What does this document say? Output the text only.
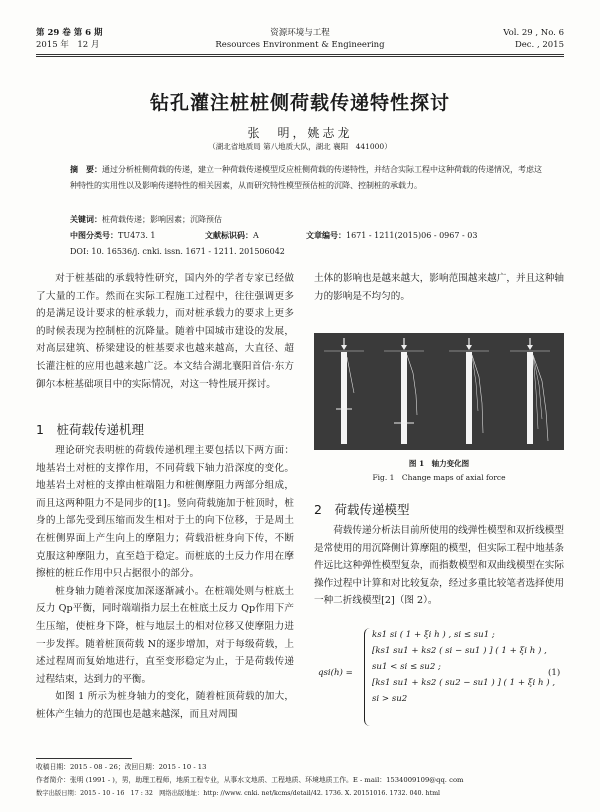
第 29 卷 第 6 期
2015 年　12 月
资源环境与工程
Resources Environment & Engineering
Vol. 29 , No. 6
Dec. , 2015
钻孔灌注桩桩侧荷载传递特性探讨
张　明，姚志龙
（湖北省地质局 第八地质大队，湖北 襄阳　441000）
摘　要：通过分析桩侧荷载的传递，建立一种荷载传递模型反应桩侧荷载的传递特性，并结合实际工程中这种荷载的传递情况，考虑这种特性的实用性以及影响传递特性的相关因素，从而研究特性模型预估桩的沉降、控制桩的承载力。
关键词：桩荷载传递；影响因素；沉降预估
中图分类号：TU473. 1	文献标识码：A	文章编号：1671 - 1211(2015)06 - 0967 - 03
DOI: 10. 16536/j. cnki. issn. 1671 - 1211. 201506042

对于桩基础的承载特性研究，国内外的学者专家已经做了大量的工作。然而在实际工程施工过程中，往往强调更多的是满足设计要求的桩承载力，而对桩承载力的要求上更多的时候表现为控制桩的沉降量。随着中国城市建设的发展，对高层建筑、桥梁建设的桩基要求也越来越高，大直径、超长灌注桩的应用也越来越广泛。本文结合湖北襄阳首信·东方御尔本桩基础项目中的实际情况，对这一特性展开探讨。

1　桩荷载传递机理

理论研究表明桩的荷载传递机理主要包括以下两方面：地基岩土对桩的支撑作用，不同荷载下轴力沿深度的变化。地基岩土对桩的支撑由桩端阻力和桩侧摩阻力两部分组成，而且这两种阻力不是同步的[1]。竖向荷载施加于桩顶时，桩身的上部先受到压缩而发生相对于土的向下位移，于是周土在桩侧界面上产生向上的摩阻力；荷载沿桩身向下传，不断克服这种摩阻力，直至趋于稳定。而桩底的土反力作用在摩擦桩的桩丘作用中只占据很小的部分。

桩身轴力随着深度加深逐渐减小。在桩端处则与桩底土反力 Qp平衡，同时端端指力层土在桩底土反力 Qp作用下产生压缩，使桩身下降，桩与地层土的相对位移又使摩阻力进一步发挥。随着桩顶荷载 N的逐步增加，对于每级荷载，上述过程周而复始地进行，直至变形稳定为止，于是荷载传递过程结束，达到力的平衡。

如图 1 所示为桩身轴力的变化，随着桩顶荷载的加大，桩体产生轴力的范围也是越来越深，而且对周围

土体的影响也是越来越大，影响范围越来越广，并且这种轴力的影响是不均匀的。

图 1　轴力变化图
Fig. 1　Change maps of axial force
2　荷载传递模型

荷载传递分析法目前所使用的线弹性模型和双折线模型是常使用的用沉降侧计算摩阻的模型，但实际工程中地基条件远比这种弹性模型复杂，而指数模型和双曲线模型在实际操作过程中计算和对比较复杂，经过多重比较笔者选择使用一种二折线模型[2]（图 2）。

qsi(h) =
ks1 si ( 1 + ξi h ) , si ≤ su1 ;
[ks1 su1 + ks2 ( si − su1 ) ] ( 1 + ξi h ) ,
su1 < si ≤ su2 ;
[ks1 su1 + ks2 ( su2 − su1 ) ] ( 1 + ξi h ) ,
si > su2
(1)
收稿日期：2015 - 08 - 26；改回日期：2015 - 10 - 13
作者简介：张明 (1991 - )，男，助理工程师，地质工程专业，从事水文地质、工程地质、环境地质工作。E - mail：1534009109@qq. com
数字出版日期：2015 - 10 - 16　17 : 32　网络出版地址：http: //www. cnki. net/kcms/detail/42. 1736. X. 20151016. 1732. 040. html
